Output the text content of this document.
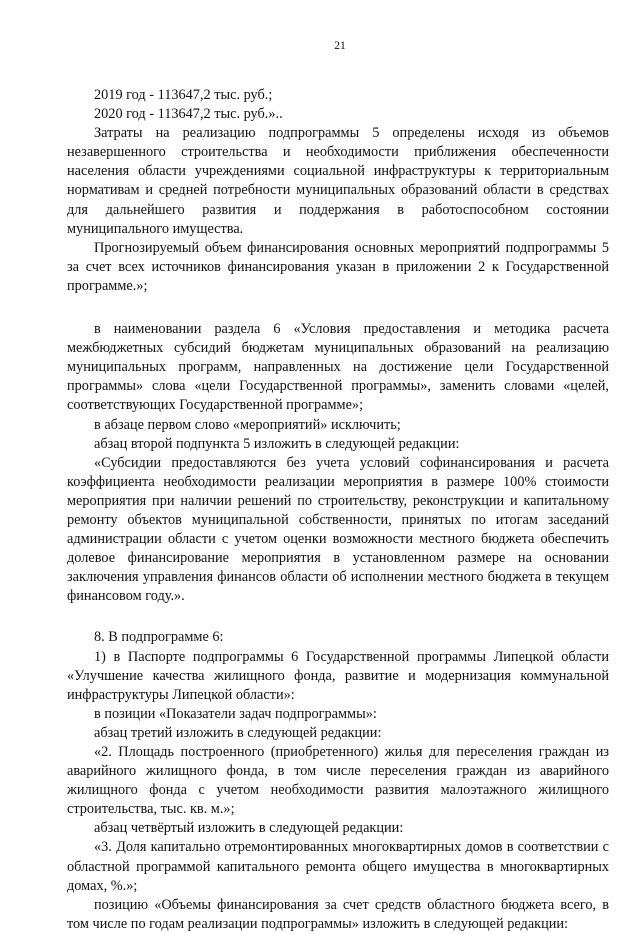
21

2019 год - 113647,2 тыс. руб.;

2020 год - 113647,2 тыс. руб.»..

Затраты на реализацию подпрограммы 5 определены исходя из объемов незавершенного строительства и необходимости приближения обеспеченности населения области учреждениями социальной инфраструктуры к территориальным нормативам и средней потребности муниципальных образований области в средствах для дальнейшего развития и поддержания в работоспособном состоянии муниципального имущества.

Прогнозируемый объем финансирования основных мероприятий подпрограммы 5 за счет всех источников финансирования указан в приложении 2 к Государственной программе.»;

в наименовании раздела 6 «Условия предоставления и методика расчета межбюджетных субсидий бюджетам муниципальных образований на реализацию муниципальных программ, направленных на достижение цели Государственной программы» слова «цели Государственной программы», заменить словами «целей, соответствующих Государственной программе»;

в абзаце первом слово «мероприятий» исключить;

абзац второй подпункта 5 изложить в следующей редакции:

«Субсидии предоставляются без учета условий софинансирования и расчета коэффициента необходимости реализации мероприятия в размере 100% стоимости мероприятия при наличии решений по строительству, реконструкции и капитальному ремонту объектов муниципальной собственности, принятых по итогам заседаний администрации области с учетом оценки возможности местного бюджета обеспечить долевое финансирование мероприятия в установленном размере на основании заключения управления финансов области об исполнении местного бюджета в текущем финансовом году.».

8. В подпрограмме 6:

1) в Паспорте подпрограммы 6 Государственной программы Липецкой области «Улучшение качества жилищного фонда, развитие и модернизация коммунальной инфраструктуры Липецкой области»:

в позиции «Показатели задач подпрограммы»:

абзац третий изложить в следующей редакции:

«2. Площадь построенного (приобретенного) жилья для переселения граждан из аварийного жилищного фонда, в том числе переселения граждан из аварийного жилищного фонда с учетом необходимости развития малоэтажного жилищного строительства, тыс. кв. м.»;

абзац четвёртый изложить в следующей редакции:

«3. Доля капитально отремонтированных многоквартирных домов в соответствии с областной программой капитального ремонта общего имущества в многоквартирных домах, %.»;

позицию «Объемы финансирования за счет средств областного бюджета всего, в том числе по годам реализации подпрограммы» изложить в следующей редакции:
